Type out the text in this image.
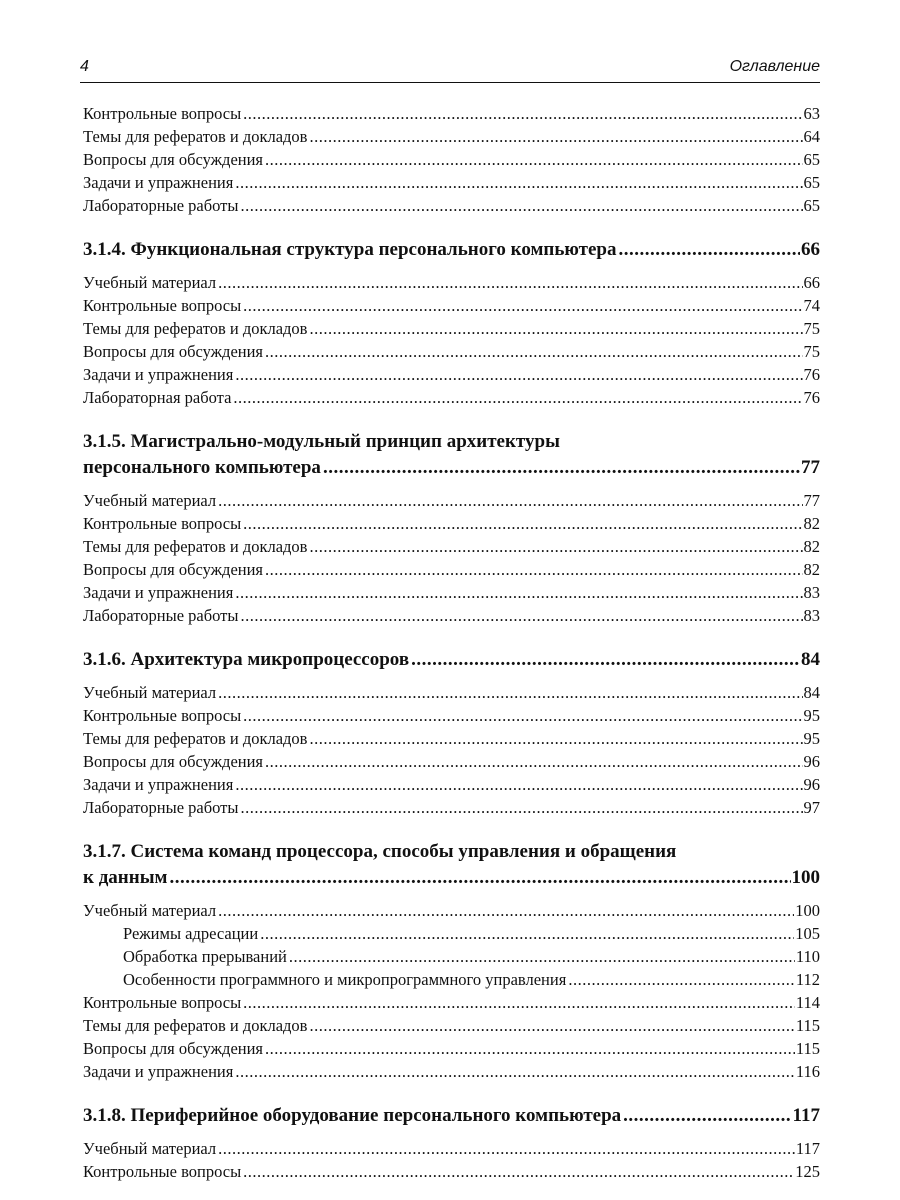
4	Оглавление
Контрольные вопросы .....	63
Темы для рефератов и докладов .....	64
Вопросы для обсуждения .....	65
Задачи и упражнения .....	65
Лабораторные работы .....	65
3.1.4. Функциональная структура персонального компьютера .....	66
Учебный материал .....	66
Контрольные вопросы .....	74
Темы для рефератов и докладов .....	75
Вопросы для обсуждения .....	75
Задачи и упражнения .....	76
Лабораторная работа .....	76
3.1.5. Магистрально-модульный принцип архитектуры
персонального компьютера .....	77
Учебный материал .....	77
Контрольные вопросы .....	82
Темы для рефератов и докладов .....	82
Вопросы для обсуждения .....	82
Задачи и упражнения .....	83
Лабораторные работы .....	83
3.1.6. Архитектура микропроцессоров .....	84
Учебный материал .....	84
Контрольные вопросы .....	95
Темы для рефератов и докладов .....	95
Вопросы для обсуждения .....	96
Задачи и упражнения .....	96
Лабораторные работы .....	97
3.1.7. Система команд процессора, способы управления и обращения
к данным .....	100
Учебный материал .....	100
Режимы адресации .....	105
Обработка прерываний .....	110
Особенности программного и микропрограммного управления .....	112
Контрольные вопросы .....	114
Темы для рефератов и докладов .....	115
Вопросы для обсуждения .....	115
Задачи и упражнения .....	116
3.1.8. Периферийное оборудование персонального компьютера .....	117
Учебный материал .....	117
Контрольные вопросы .....	125
